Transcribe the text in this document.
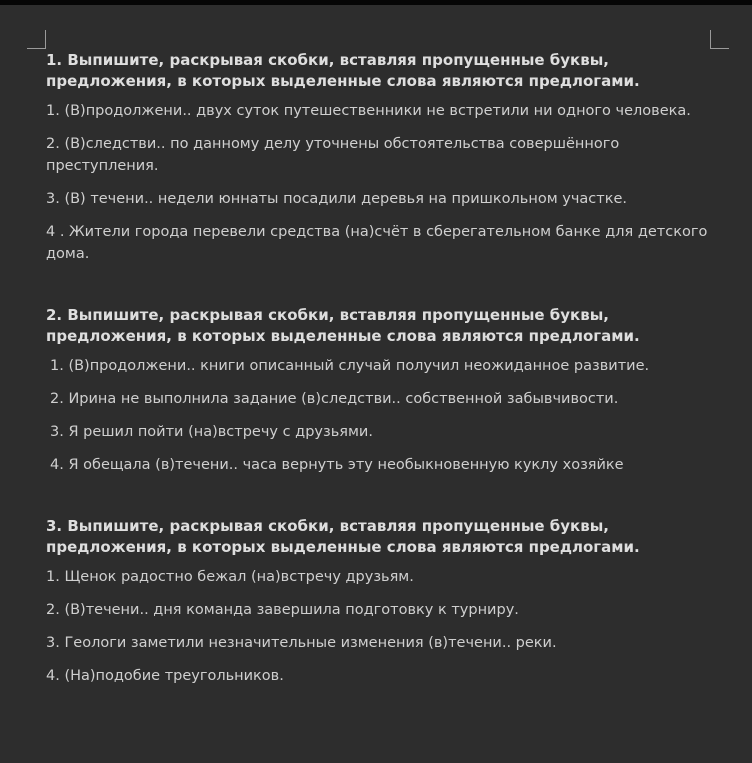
1. Выпишите, раскрывая скобки, вставляя пропущенные буквы, предложения, в которых выделенные слова являются предлогами.
1. (В)продолжени.. двух суток путешественники не встретили ни одного человека.
2. (В)следстви.. по данному делу уточнены обстоятельства совершённого преступления.
3. (В) течени.. недели юннаты посадили деревья на пришкольном участке.
4 . Жители города перевели средства (на)счёт в сберегательном банке для детского дома.
2. Выпишите, раскрывая скобки, вставляя пропущенные буквы, предложения, в которых выделенные слова являются предлогами.
1. (В)продолжени.. книги описанный случай получил неожиданное развитие.
2. Ирина не выполнила задание (в)следстви.. собственной забывчивости.
3. Я решил пойти (на)встречу с друзьями.
4. Я обещала (в)течени.. часа вернуть эту необыкновенную куклу хозяйке
3. Выпишите, раскрывая скобки, вставляя пропущенные буквы, предложения, в которых выделенные слова являются предлогами.
1. Щенок радостно бежал (на)встречу друзьям.
2. (В)течени.. дня команда завершила подготовку к турниру.
3. Геологи заметили незначительные изменения (в)течени.. реки.
4. (На)подобие треугольников.
